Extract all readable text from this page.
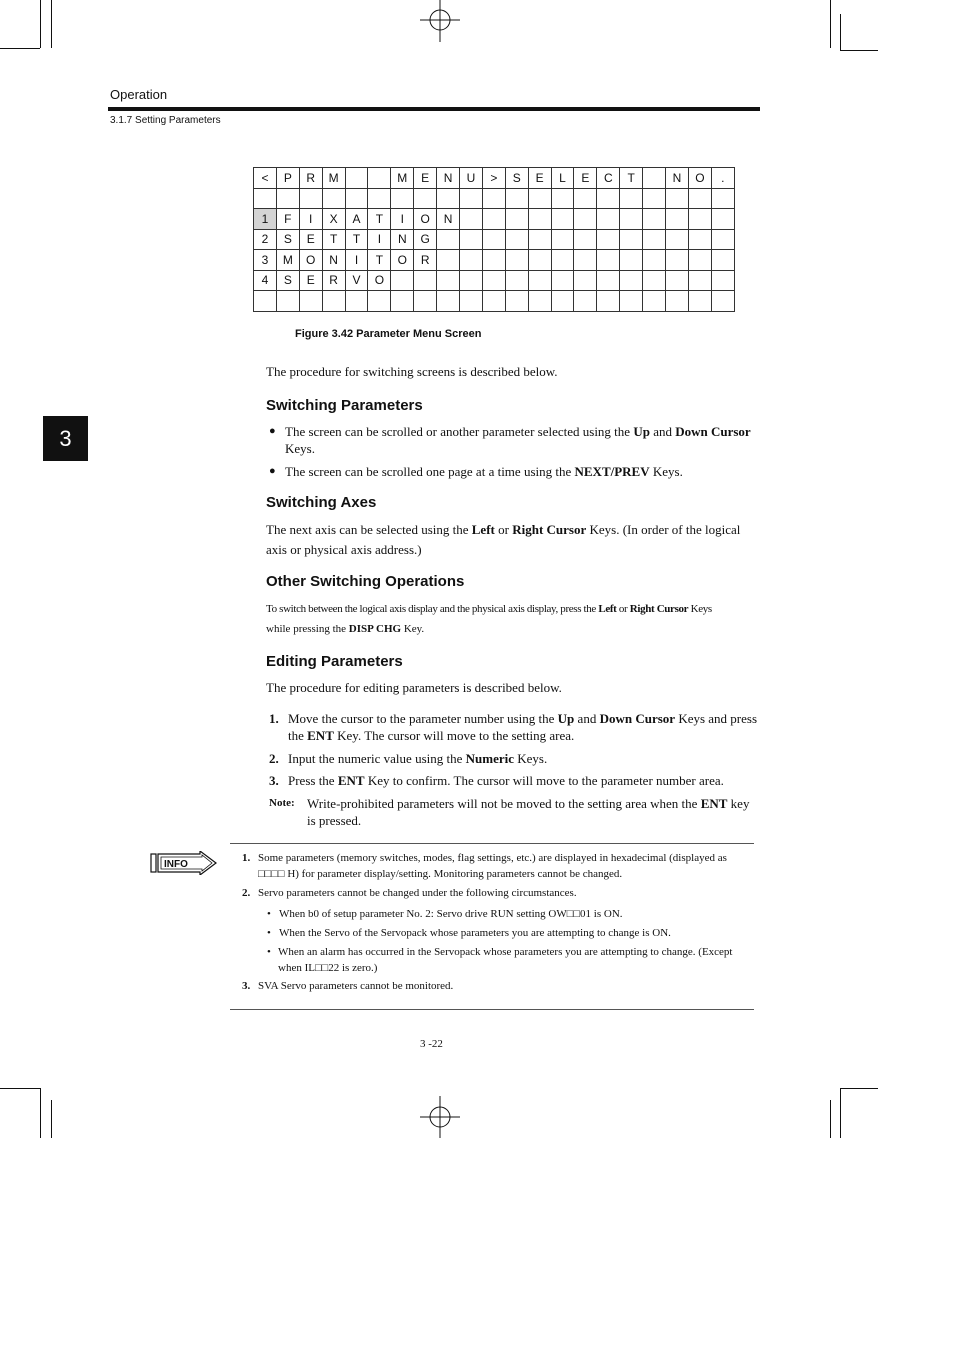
Operation
3.1.7 Setting Parameters
3
<	P	R	M			M	E	N	U	>	S	E	L	E	C	T		N	O	.

1	F	I	X	A	T	I	O	N												
2	S	E	T	T	I	N	G													
3	M	O	N	I	T	O	R													
4	S	E	R	V	O															

Figure 3.42 Parameter Menu Screen
The procedure for switching screens is described below.
Switching Parameters
● The screen can be scrolled or another parameter selected using the Up and Down Cursor
Keys.
● The screen can be scrolled one page at a time using the NEXT/PREV Keys.
Switching Axes
The next axis can be selected using the Left or Right Cursor Keys. (In order of the logical
axis or physical axis address.)
Other Switching Operations
To switch between the logical axis display and the physical axis display, press the Left or Right Cursor Keys
while pressing the DISP CHG Key.
Editing Parameters
The procedure for editing parameters is described below.
1. Move the cursor to the parameter number using the Up and Down Cursor Keys and press
the ENT Key. The cursor will move to the setting area.
2. Input the numeric value using the Numeric Keys.
3. Press the ENT Key to confirm. The cursor will move to the parameter number area.
Note: Write-prohibited parameters will not be moved to the setting area when the ENT key
is pressed.
INFO
1. Some parameters (memory switches, modes, flag settings, etc.) are displayed in hexadecimal (displayed as
□□□□ H) for parameter display/setting. Monitoring parameters cannot be changed.
2. Servo parameters cannot be changed under the following circumstances.
• When b0 of setup parameter No. 2: Servo drive RUN setting OW□□01 is ON.
• When the Servo of the Servopack whose parameters you are attempting to change is ON.
• When an alarm has occurred in the Servopack whose parameters you are attempting to change. (Except
when IL□□22 is zero.)
3. SVA Servo parameters cannot be monitored.
3 -22
